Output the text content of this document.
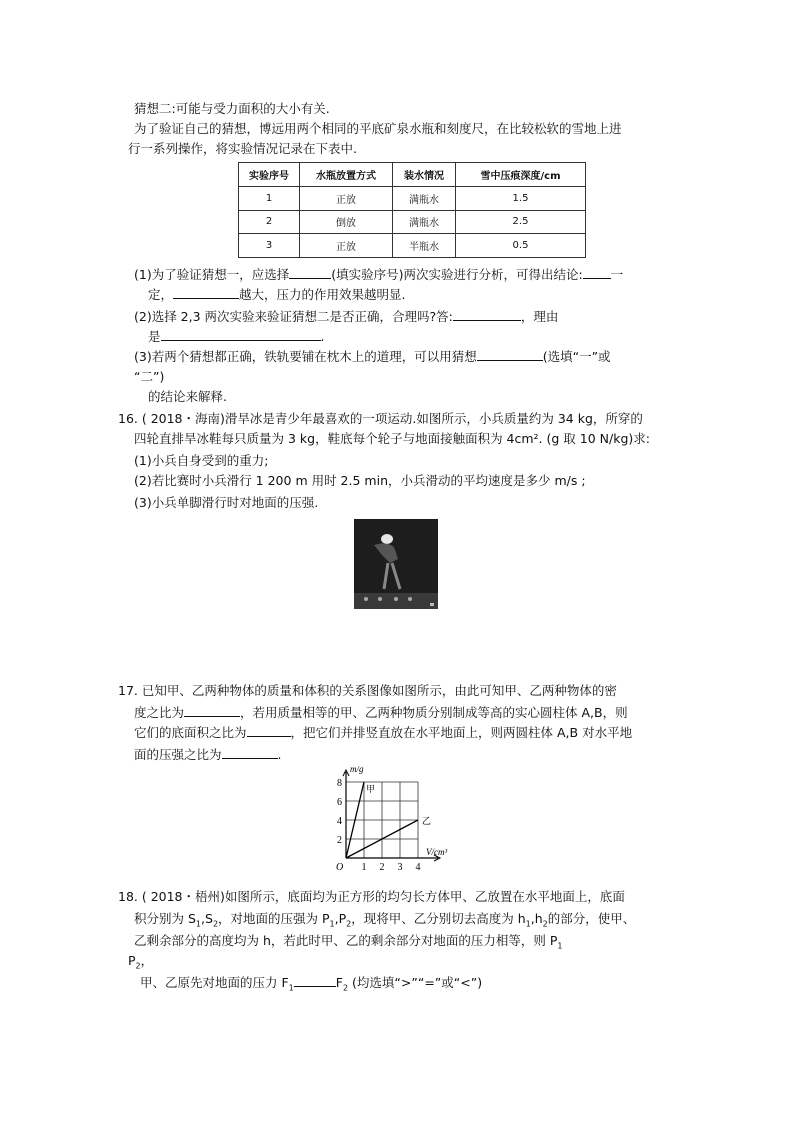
猜想二:可能与受力面积的大小有关.
为了验证自己的猜想，博远用两个相同的平底矿泉水瓶和刻度尺，在比较松软的雪地上进
行一系列操作，将实验情况记录在下表中.
实验序号	水瓶放置方式	装水情况	雪中压痕深度/cm
1	正放	满瓶水	1.5
2	倒放	满瓶水	2.5
3	正放	半瓶水	0.5
(1)为了验证猜想一，应选择	(填实验序号)两次实验进行分析，可得出结论: 一
定，	越大，压力的作用效果越明显.
(2)选择 2,3 两次实验来验证猜想二是否正确，合理吗?答:	，理由
是	.
(3)若两个猜想都正确，铁轨要铺在枕木上的道理，可以用猜想	(选填“一”或
“二”)
的结论来解释.
16. ( 2018・海南)滑旱冰是青少年最喜欢的一项运动.如图所示，小兵质量约为 34 kg，所穿的
四轮直排旱冰鞋每只质量为 3 kg，鞋底每个轮子与地面接触面积为 4cm². (g 取 10 N/kg)求:
(1)小兵自身受到的重力;
(2)若比赛时小兵滑行 1 200 m 用时 2.5 min，小兵滑动的平均速度是多少 m/s ;
(3)小兵单脚滑行时对地面的压强.
17. 已知甲、乙两种物体的质量和体积的关系图像如图所示，由此可知甲、乙两种物体的密
度之比为	，若用质量相等的甲、乙两种物质分别制成等高的实心圆柱体 A,B，则
它们的底面积之比为	，把它们并排竖直放在水平地面上，则两圆柱体 A,B 对水平地
面的压强之比为	.
1 2 3 4
2
4
6
8
O
m/g
V/cm³
甲
乙
18. ( 2018・梧州)如图所示，底面均为正方形的均匀长方体甲、乙放置在水平地面上，底面
积分别为 $S_1,S_2$，对地面的压强为 $P_1,P_2$，现将甲、乙分别切去高度为 $h_1,h_2$的部分，使甲、
乙剩余部分的高度均为 h，若此时甲、乙的剩余部分对地面的压力相等，则 $P_1$
$P_2$，
甲、乙原先对地面的压力 $F_1$	$F_2$ (均选填“>”“=”或“<”)
